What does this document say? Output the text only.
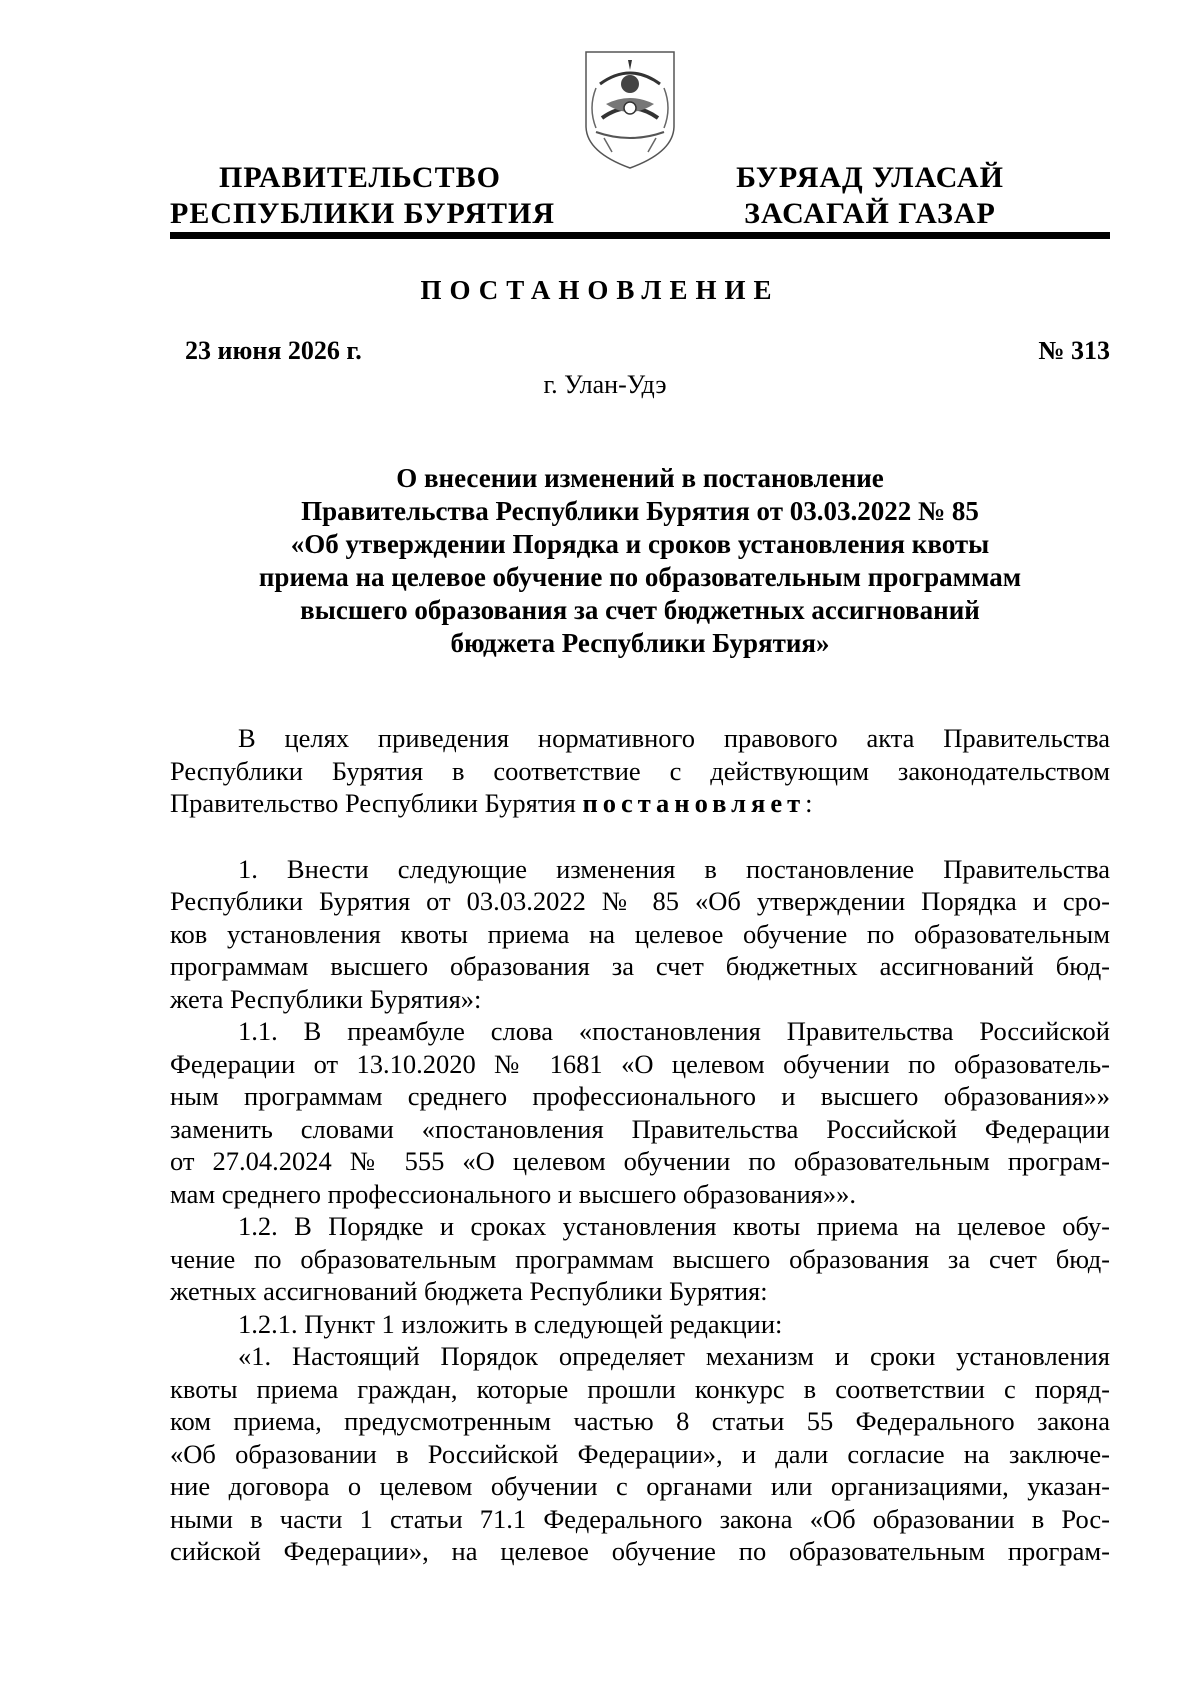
ПРАВИТЕЛЬСТВО
РЕСПУБЛИКИ БУРЯТИЯ
БУРЯАД УЛАСАЙ
ЗАСАГАЙ ГАЗАР
ПОСТАНОВЛЕНИЕ
23 июня 2026 г.	№ 313
г. Улан-Удэ
О внесении изменений в постановление
Правительства Республики Бурятия от 03.03.2022 № 85
«Об утверждении Порядка и сроков установления квоты
приема на целевое обучение по образовательным программам
высшего образования за счет бюджетных ассигнований
бюджета Республики Бурятия»
В целях приведения нормативного правового акта Правительства
Республики Бурятия в соответствие с действующим законодательством
Правительство Республики Бурятия постановляет:
1. Внести следующие изменения в постановление Правительства
Республики Бурятия от 03.03.2022 № 85 «Об утверждении Порядка и сро-
ков установления квоты приема на целевое обучение по образовательным
программам высшего образования за счет бюджетных ассигнований бюд-
жета Республики Бурятия»:
1.1. В преамбуле слова «постановления Правительства Российской
Федерации от 13.10.2020 № 1681 «О целевом обучении по образователь-
ным программам среднего профессионального и высшего образования»»
заменить словами «постановления Правительства Российской Федерации
от 27.04.2024 № 555 «О целевом обучении по образовательным програм-
мам среднего профессионального и высшего образования»».
1.2. В Порядке и сроках установления квоты приема на целевое обу-
чение по образовательным программам высшего образования за счет бюд-
жетных ассигнований бюджета Республики Бурятия:
1.2.1. Пункт 1 изложить в следующей редакции:
«1. Настоящий Порядок определяет механизм и сроки установления
квоты приема граждан, которые прошли конкурс в соответствии с поряд-
ком приема, предусмотренным частью 8 статьи 55 Федерального закона
«Об образовании в Российской Федерации», и дали согласие на заключе-
ние договора о целевом обучении с органами или организациями, указан-
ными в части 1 статьи 71.1 Федерального закона «Об образовании в Рос-
сийской Федерации», на целевое обучение по образовательным програм-
